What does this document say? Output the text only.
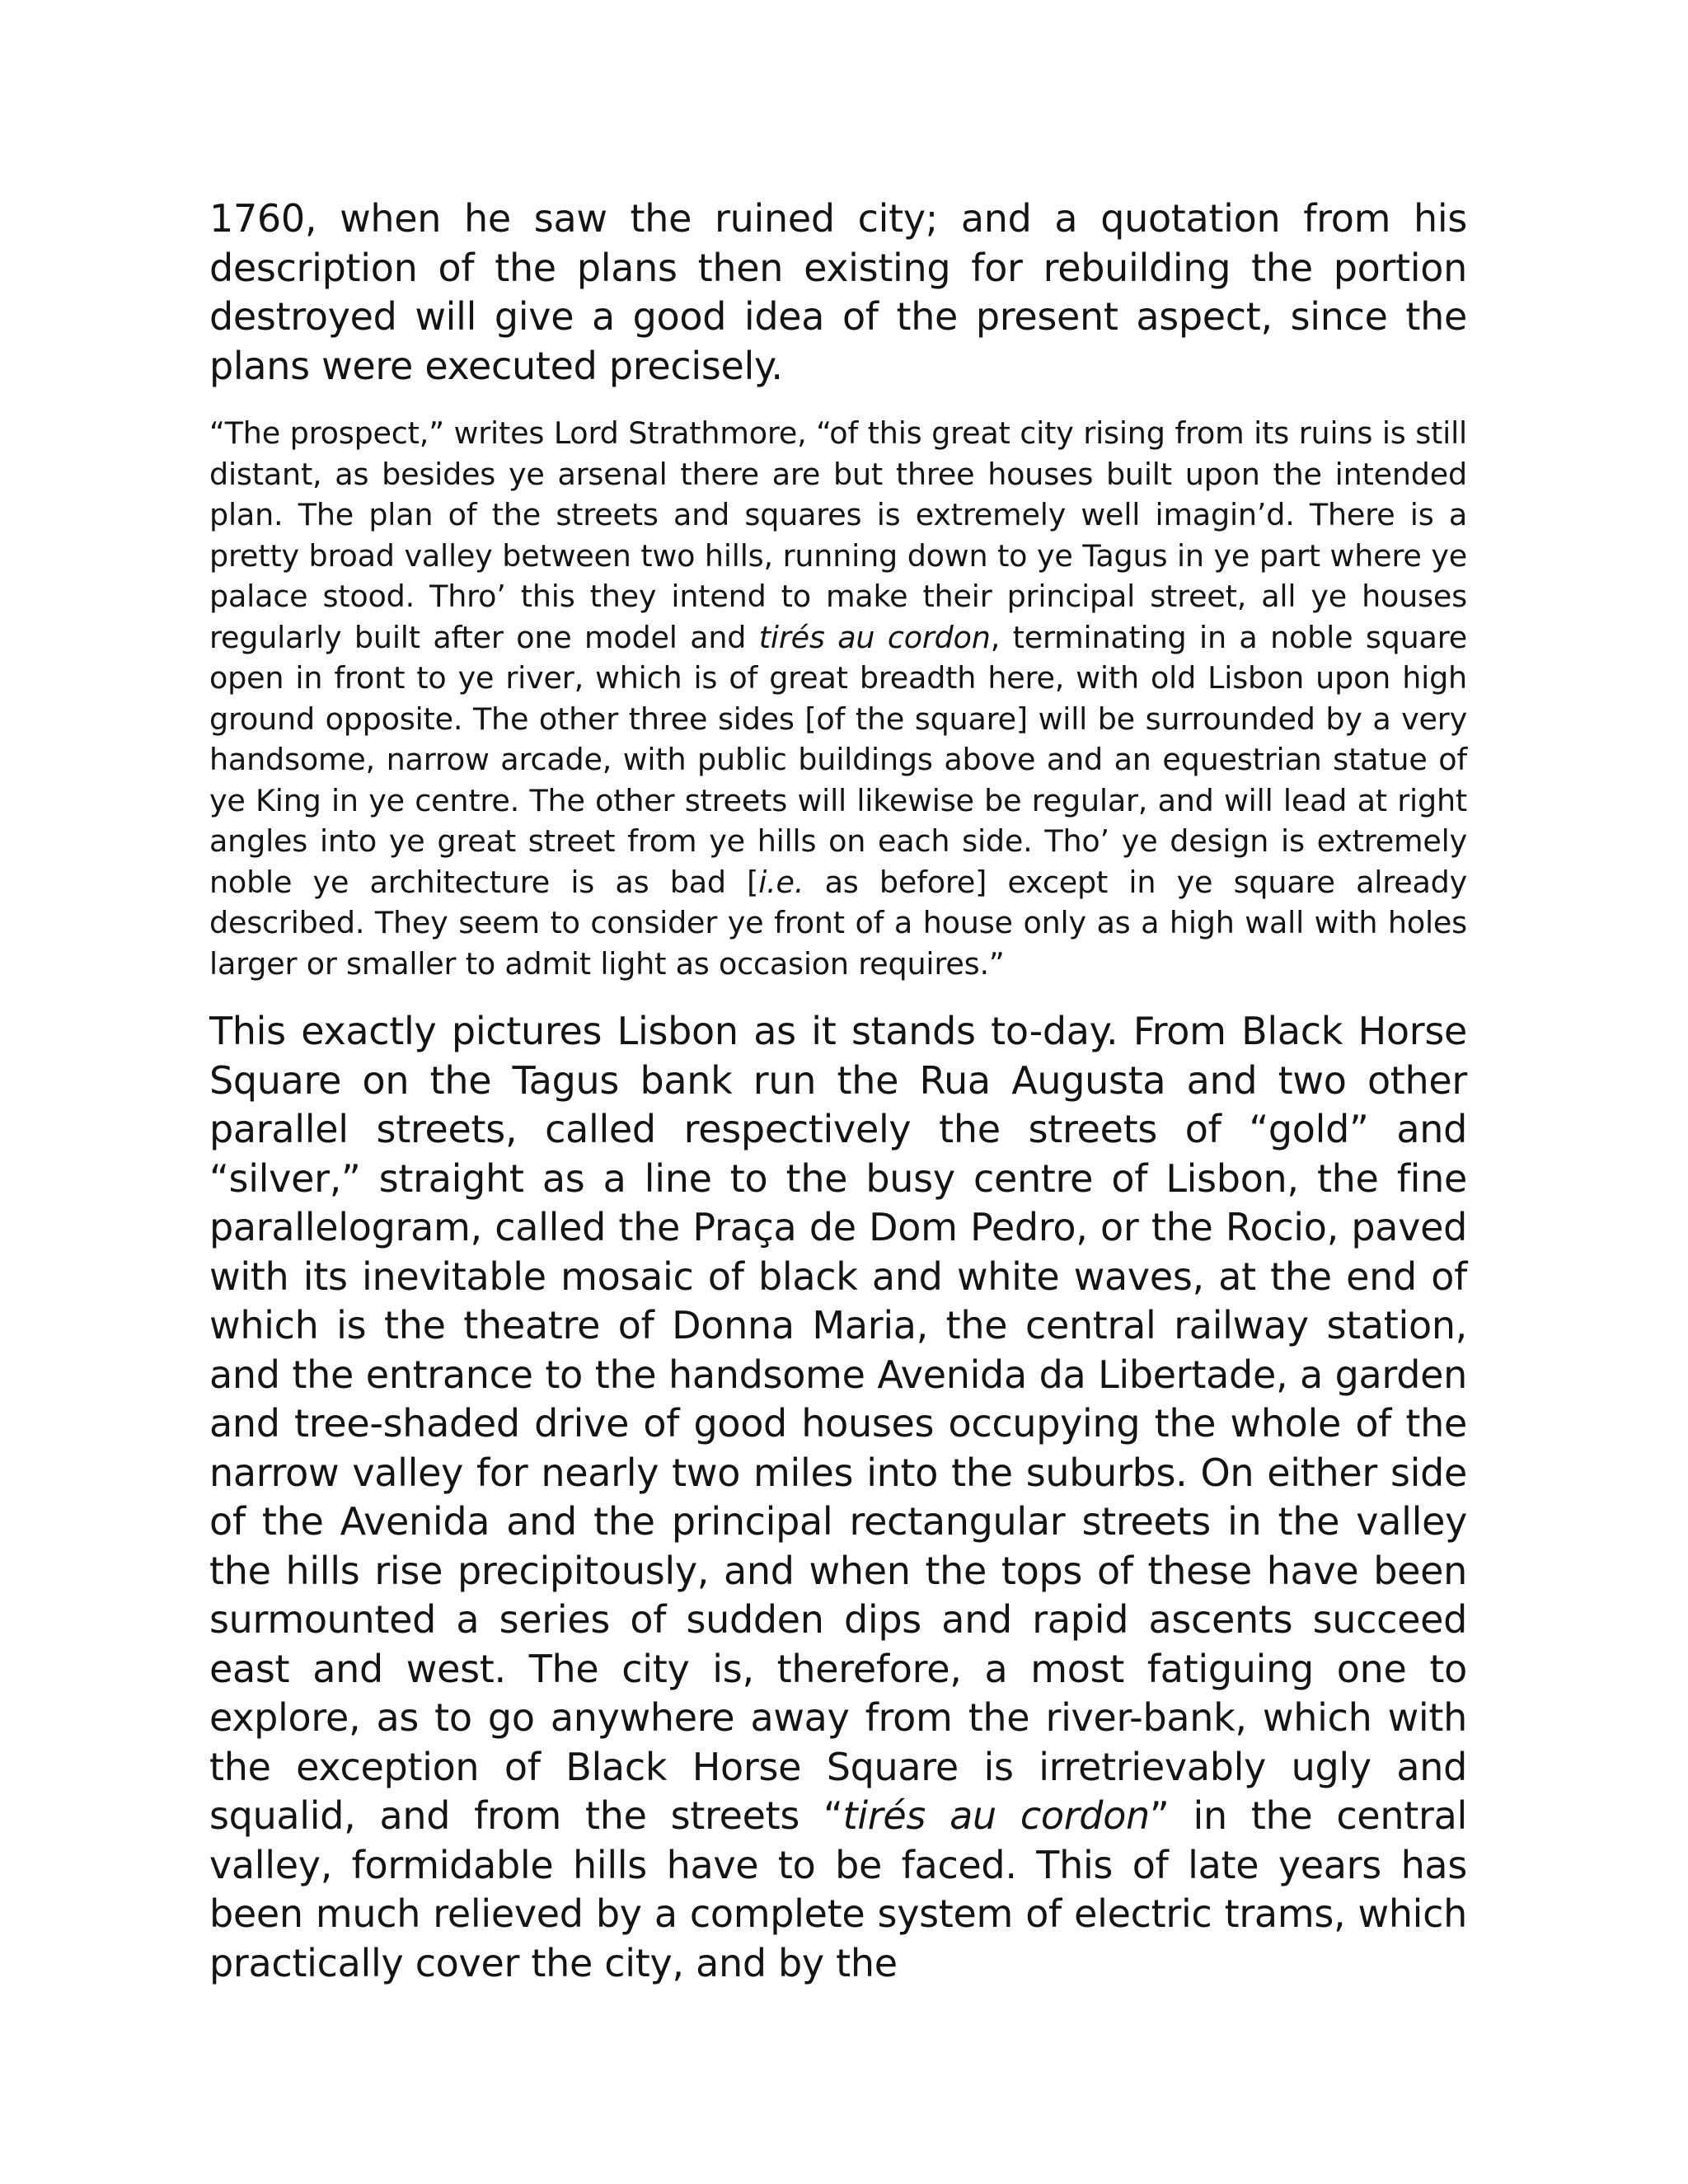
1760, when he saw the ruined city; and a quotation from his description of the plans then existing for rebuilding the portion destroyed will give a good idea of the present aspect, since the plans were executed precisely.

“The prospect,” writes Lord Strathmore, “of this great city rising from its ruins is still distant, as besides ye arsenal there are but three houses built upon the intended plan. The plan of the streets and squares is extremely well imagin’d. There is a pretty broad valley between two hills, running down to ye Tagus in ye part where ye palace stood. Thro’ this they intend to make their principal street, all ye houses regularly built after one model and tirés au cordon, terminating in a noble square open in front to ye river, which is of great breadth here, with old Lisbon upon high ground opposite. The other three sides [of the square] will be surrounded by a very handsome, narrow arcade, with public buildings above and an equestrian statue of ye King in ye centre. The other streets will likewise be regular, and will lead at right angles into ye great street from ye hills on each side. Tho’ ye design is extremely noble ye architecture is as bad [i.e. as before] except in ye square already described. They seem to consider ye front of a house only as a high wall with holes larger or smaller to admit light as occasion requires.”

This exactly pictures Lisbon as it stands to-day. From Black Horse Square on the Tagus bank run the Rua Augusta and two other parallel streets, called respectively the streets of “gold” and “silver,” straight as a line to the busy centre of Lisbon, the fine parallelogram, called the Praça de Dom Pedro, or the Rocio, paved with its inevitable mosaic of black and white waves, at the end of which is the theatre of Donna Maria, the central railway station, and the entrance to the handsome Avenida da Libertade, a garden and tree-shaded drive of good houses occupying the whole of the narrow valley for nearly two miles into the suburbs. On either side of the Avenida and the principal rectangular streets in the valley the hills rise precipitously, and when the tops of these have been surmounted a series of sudden dips and rapid ascents succeed east and west. The city is, therefore, a most fatiguing one to explore, as to go anywhere away from the river-bank, which with the exception of Black Horse Square is irretrievably ugly and squalid, and from the streets “tirés au cordon” in the central valley, formidable hills have to be faced. This of late years has been much relieved by a complete system of electric trams, which practically cover the city, and by the
